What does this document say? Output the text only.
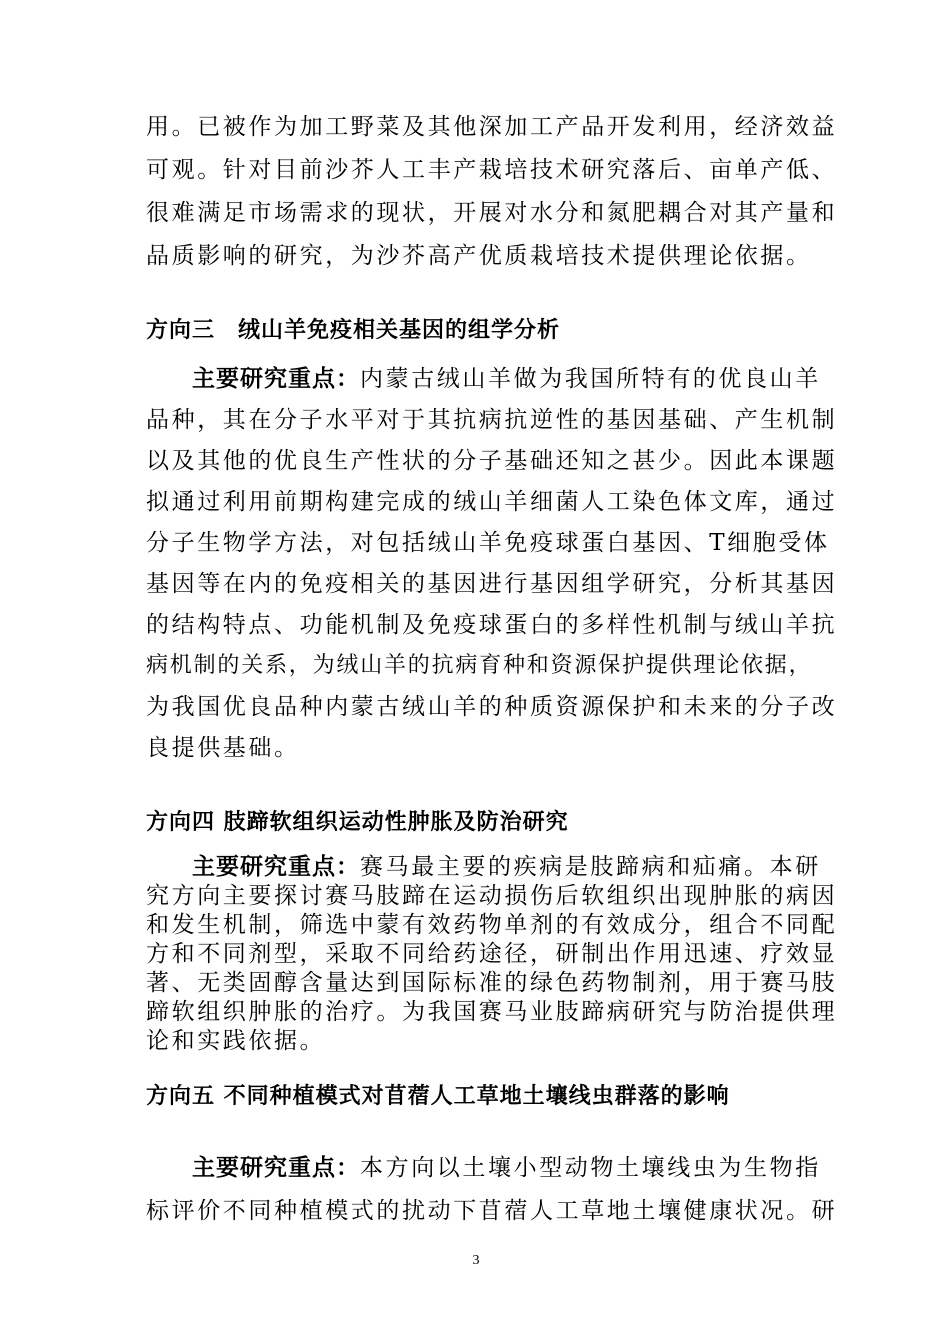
用。已被作为加工野菜及其他深加工产品开发利用，经济效益
可观。针对目前沙芥人工丰产栽培技术研究落后、亩单产低、
很难满足市场需求的现状，开展对水分和氮肥耦合对其产量和
品质影响的研究，为沙芥高产优质栽培技术提供理论依据。
方向三　绒山羊免疫相关基因的组学分析
主要研究重点：内蒙古绒山羊做为我国所特有的优良山羊
品种，其在分子水平对于其抗病抗逆性的基因基础、产生机制
以及其他的优良生产性状的分子基础还知之甚少。因此本课题
拟通过利用前期构建完成的绒山羊细菌人工染色体文库，通过
分子生物学方法，对包括绒山羊免疫球蛋白基因、T细胞受体
基因等在内的免疫相关的基因进行基因组学研究，分析其基因
的结构特点、功能机制及免疫球蛋白的多样性机制与绒山羊抗
病机制的关系，为绒山羊的抗病育种和资源保护提供理论依据，
为我国优良品种内蒙古绒山羊的种质资源保护和未来的分子改
良提供基础。
方向四 肢蹄软组织运动性肿胀及防治研究
主要研究重点：赛马最主要的疾病是肢蹄病和疝痛。本研
究方向主要探讨赛马肢蹄在运动损伤后软组织出现肿胀的病因
和发生机制，筛选中蒙有效药物单剂的有效成分，组合不同配
方和不同剂型，采取不同给药途径，研制出作用迅速、疗效显
著、无类固醇含量达到国际标准的绿色药物制剂，用于赛马肢
蹄软组织肿胀的治疗。为我国赛马业肢蹄病研究与防治提供理
论和实践依据。
方向五 不同种植模式对苜蓿人工草地土壤线虫群落的影响
主要研究重点：本方向以土壤小型动物土壤线虫为生物指
标评价不同种植模式的扰动下苜蓿人工草地土壤健康状况。研
3
